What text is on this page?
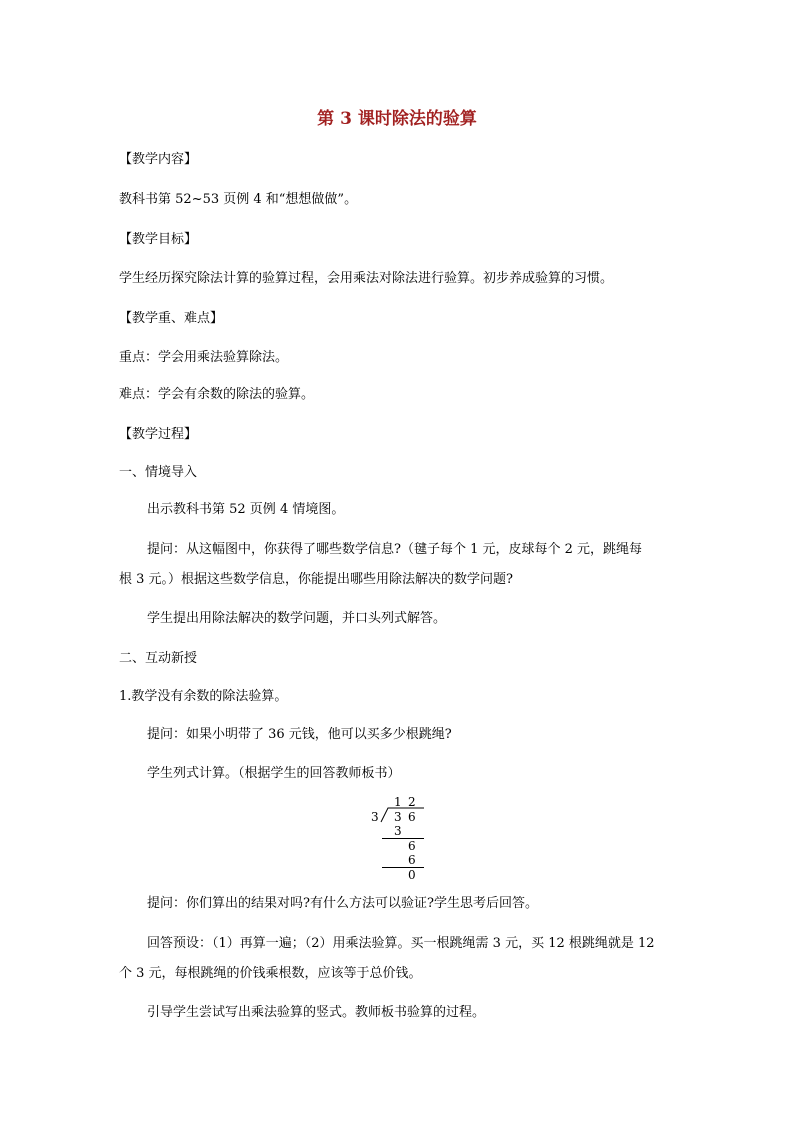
第 3 课时除法的验算
【教学内容】
教科书第 52~53 页例 4 和“想想做做”。
【教学目标】
学生经历探究除法计算的验算过程，会用乘法对除法进行验算。初步养成验算的习惯。
【教学重、难点】
重点：学会用乘法验算除法。
难点：学会有余数的除法的验算。
【教学过程】
一、情境导入
出示教科书第 52 页例 4 情境图。
提问：从这幅图中，你获得了哪些数学信息?（毽子每个 1 元，皮球每个 2 元，跳绳每
根 3 元。）根据这些数学信息，你能提出哪些用除法解决的数学问题?
学生提出用除法解决的数学问题，并口头列式解答。
二、互动新授
1.教学没有余数的除法验算。
提问：如果小明带了 36 元钱，他可以买多少根跳绳?
学生列式计算。（根据学生的回答教师板书）
1 2
3 3 6
3
6
6
0
提问：你们算出的结果对吗?有什么方法可以验证?学生思考后回答。
回答预设：（1）再算一遍；（2）用乘法验算。买一根跳绳需 3 元，买 12 根跳绳就是 12
个 3 元，每根跳绳的价钱乘根数，应该等于总价钱。
引导学生尝试写出乘法验算的竖式。教师板书验算的过程。
